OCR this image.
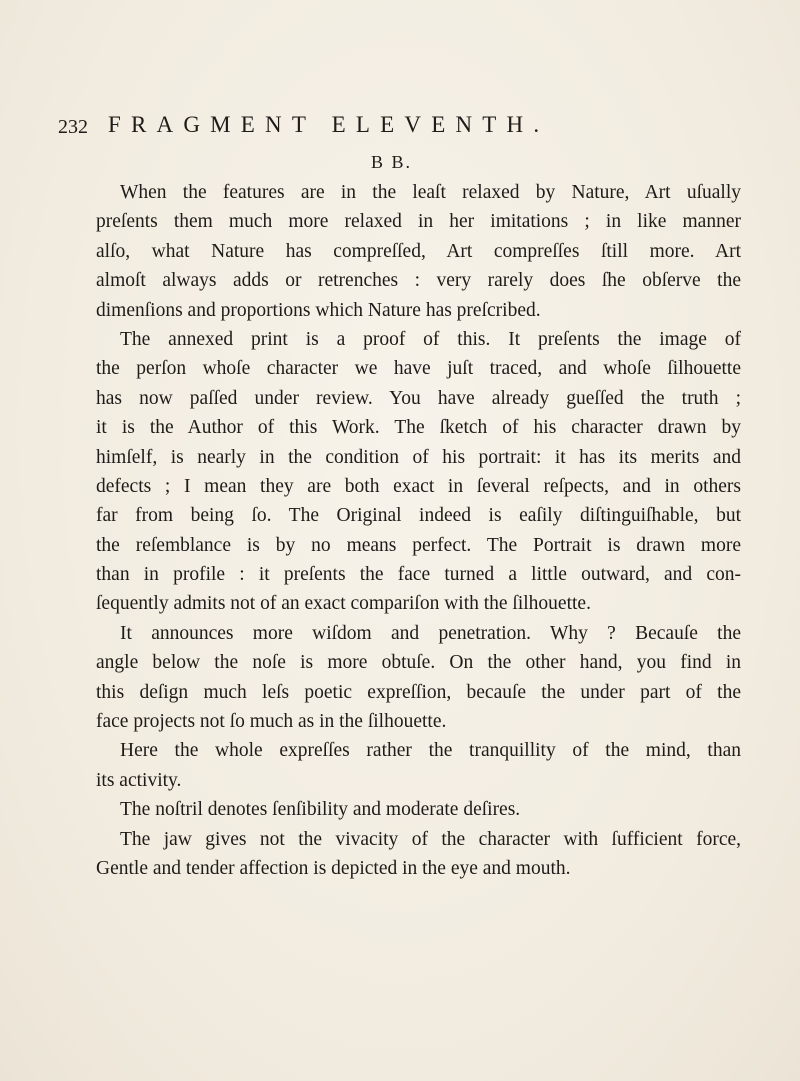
232 FRAGMENT ELEVENTH.
B B.
When the features are in the leaſt relaxed by Nature, Art uſually
preſents them much more relaxed in her imitations ; in like manner
alſo, what Nature has compreſſed, Art compreſſes ſtill more. Art
almoſt always adds or retrenches : very rarely does ſhe obſerve the
dimenſions and proportions which Nature has preſcribed.
The annexed print is a proof of this. It preſents the image of
the perſon whoſe character we have juſt traced, and whoſe ſilhouette
has now paſſed under review. You have already gueſſed the truth ;
it is the Author of this Work. The ſketch of his character drawn by
himſelf, is nearly in the condition of his portrait: it has its merits and
defects ; I mean they are both exact in ſeveral reſpects, and in others
far from being ſo. The Original indeed is eaſily diſtinguiſhable, but
the reſemblance is by no means perfect. The Portrait is drawn more
than in profile : it preſents the face turned a little outward, and con-
ſequently admits not of an exact compariſon with the ſilhouette.
It announces more wiſdom and penetration. Why ? Becauſe the
angle below the noſe is more obtuſe. On the other hand, you find in
this deſign much leſs poetic expreſſion, becauſe the under part of the
face projects not ſo much as in the ſilhouette.
Here the whole expreſſes rather the tranquillity of the mind, than
its activity.
The noſtril denotes ſenſibility and moderate deſires.
The jaw gives not the vivacity of the character with ſufficient force,
Gentle and tender affection is depicted in the eye and mouth.
